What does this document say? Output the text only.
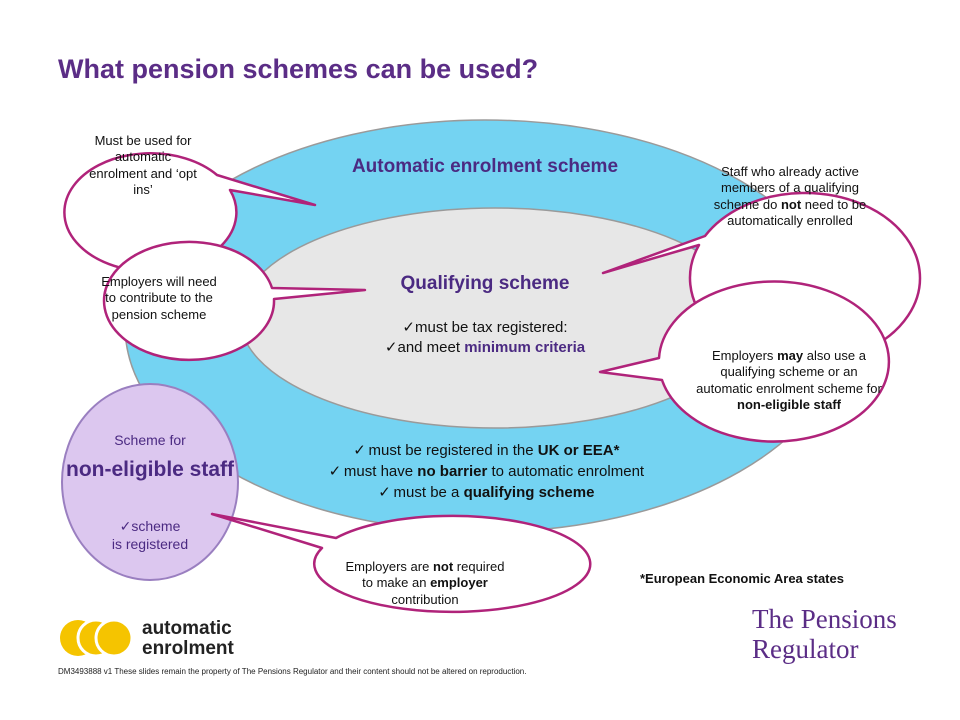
What pension schemes can be used?
Automatic enrolment scheme
✓ must be registered in the UK or EEA*
✓ must have no barrier to automatic enrolment
✓ must be a qualifying scheme
Qualifying scheme
✓must be tax registered:
✓and meet minimum criteria
Scheme for
non-eligible staff
✓scheme
is registered
Must be used for automatic enrolment and ‘opt ins’
Employers will need to contribute to the pension scheme
Staff who already active members of a qualifying scheme do not need to be automatically enrolled
Employers may also use a qualifying scheme or an automatic enrolment scheme for non-eligible staff
Employers are not required to make an employer contribution
*European Economic Area states
automatic
enrolment
The Pensions
Regulator
DM3493888 v1 These slides remain the property of The Pensions Regulator and their content should not be altered on reproduction.
